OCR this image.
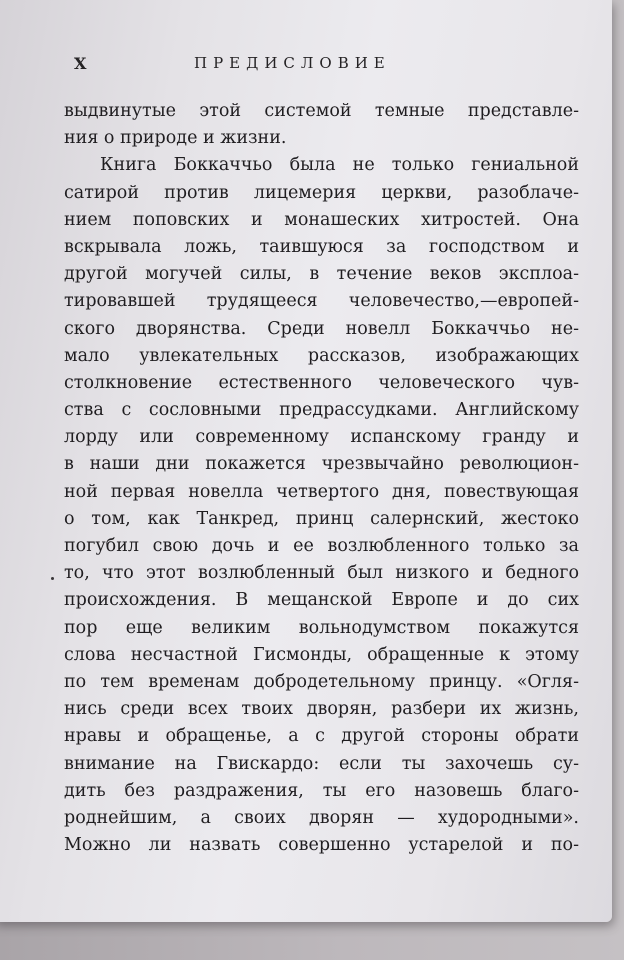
X	ПРЕДИСЛОВИЕ
выдвинутые этой системой темные представле-
ния о природе и жизни.
Книга Боккаччьо была не только гениальной
сатирой против лицемерия церкви, разоблаче-
нием поповских и монашеских хитростей. Она
вскрывала ложь, таившуюся за господством и
другой могучей силы, в течение веков эксплоа-
тировавшей трудящееся человечество,—европей-
ского дворянства. Среди новелл Боккаччьо не-
мало увлекательных рассказов, изображающих
столкновение естественного человеческого чув-
ства с сословными предрассудками. Английскому
лорду или современному испанскому гранду и
в наши дни покажется чрезвычайно революцион-
ной первая новелла четвертого дня, повествующая
о том, как Танкред, принц салернский, жестоко
погубил свою дочь и ее возлюбленного только за
то, что этот возлюбленный был низкого и бедного
происхождения. В мещанской Европе и до сих
пор еще великим вольнодумством покажутся
слова несчастной Гисмонды, обращенные к этому
по тем временам добродетельному принцу. «Огля-
нись среди всех твоих дворян, разбери их жизнь,
нравы и обращенье, а с другой стороны обрати
внимание на Гвискардо: если ты захочешь су-
дить без раздражения, ты его назовешь благо-
роднейшим, а своих дворян — худородными».
Можно ли назвать совершенно устарелой и по-
